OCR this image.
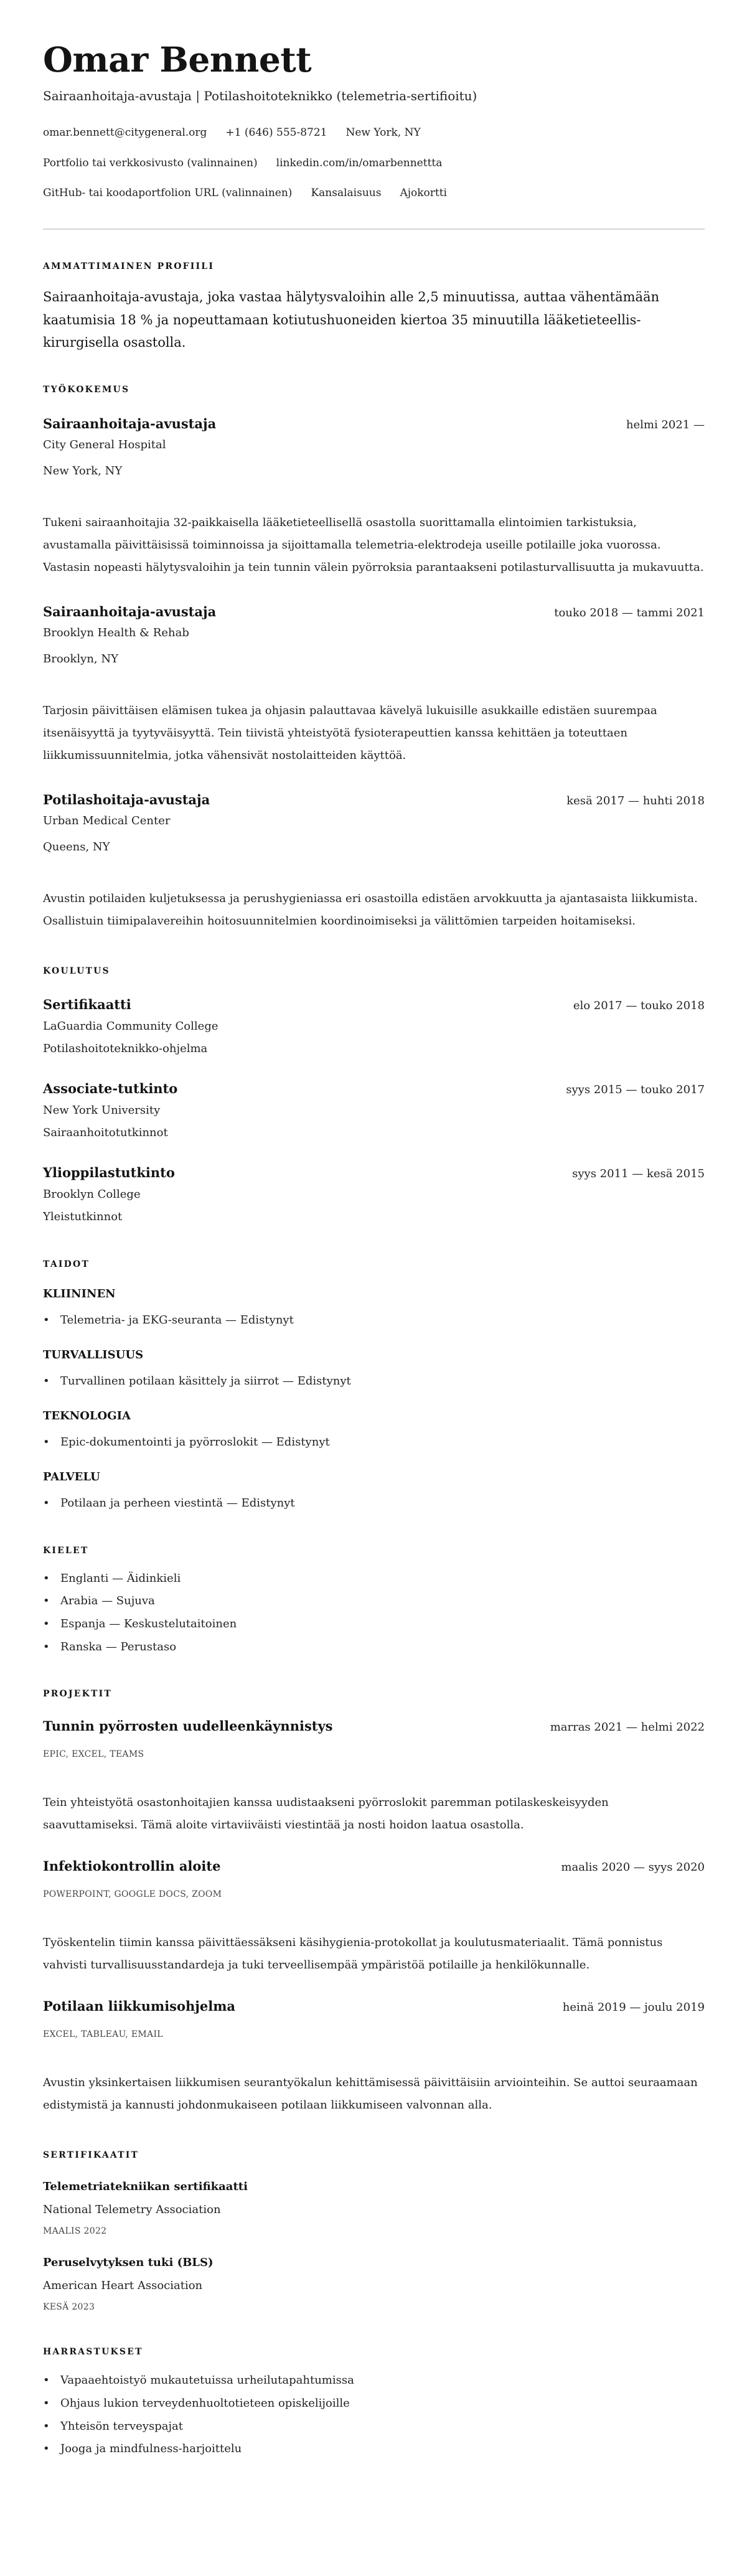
Omar Bennett
Sairaanhoitaja-avustaja | Potilashoitoteknikko (telemetria-sertifioitu)
omar.bennett@citygeneral.org +1 (646) 555-8721 New York, NY
Portfolio tai verkkosivusto (valinnainen) linkedin.com/in/omarbennettta
GitHub- tai koodaportfolion URL (valinnainen) Kansalaisuus Ajokortti
AMMATTIMAINEN PROFIILI
Sairaanhoitaja-avustaja, joka vastaa hälytysvaloihin alle 2,5 minuutissa, auttaa vähentämään kaatumisia 18 % ja nopeuttamaan kotiutushuoneiden kiertoa 35 minuutilla lääketieteellis-kirurgisella osastolla.
TYÖKOKEMUS
Sairaanhoitaja-avustaja	helmi 2021 —
City General Hospital
New York, NY
Tukeni sairaanhoitajia 32-paikkaisella lääketieteellisellä osastolla suorittamalla elintoimien tarkistuksia, avustamalla päivittäisissä toiminnoissa ja sijoittamalla telemetria-elektrodeja useille potilaille joka vuorossa. Vastasin nopeasti hälytysvaloihin ja tein tunnin välein pyörroksia parantaakseni potilasturvallisuutta ja mukavuutta.
Sairaanhoitaja-avustaja	touko 2018 — tammi 2021
Brooklyn Health & Rehab
Brooklyn, NY
Tarjosin päivittäisen elämisen tukea ja ohjasin palauttavaa kävelyä lukuisille asukkaille edistäen suurempaa itsenäisyyttä ja tyytyväisyyttä. Tein tiivistä yhteistyötä fysioterapeuttien kanssa kehittäen ja toteuttaen liikkumissuunnitelmia, jotka vähensivät nostolaitteiden käyttöä.
Potilashoitaja-avustaja	kesä 2017 — huhti 2018
Urban Medical Center
Queens, NY
Avustin potilaiden kuljetuksessa ja perushygieniassa eri osastoilla edistäen arvokkuutta ja ajantasaista liikkumista. Osallistuin tiimipalavereihin hoitosuunnitelmien koordinoimiseksi ja välittömien tarpeiden hoitamiseksi.
KOULUTUS
Sertifikaatti	elo 2017 — touko 2018
LaGuardia Community College
Potilashoitoteknikko-ohjelma
Associate-tutkinto	syys 2015 — touko 2017
New York University
Sairaanhoitotutkinnot
Ylioppilastutkinto	syys 2011 — kesä 2015
Brooklyn College
Yleistutkinnot
TAIDOT
KLIININEN
• Telemetria- ja EKG-seuranta — Edistynyt
TURVALLISUUS
• Turvallinen potilaan käsittely ja siirrot — Edistynyt
TEKNOLOGIA
• Epic-dokumentointi ja pyörroslokit — Edistynyt
PALVELU
• Potilaan ja perheen viestintä — Edistynyt
KIELET
• Englanti — Äidinkieli
• Arabia — Sujuva
• Espanja — Keskustelutaitoinen
• Ranska — Perustaso
PROJEKTIT
Tunnin pyörrosten uudelleenkäynnistys	marras 2021 — helmi 2022
EPIC, EXCEL, TEAMS
Tein yhteistyötä osastonhoitajien kanssa uudistaakseni pyörroslokit paremman potilaskeskeisyyden saavuttamiseksi. Tämä aloite virtaviiväisti viestintää ja nosti hoidon laatua osastolla.
Infektiokontrollin aloite	maalis 2020 — syys 2020
POWERPOINT, GOOGLE DOCS, ZOOM
Työskentelin tiimin kanssa päivittäessäkseni käsihygienia-protokollat ja koulutusmateriaalit. Tämä ponnistus vahvisti turvallisuusstandardeja ja tuki terveellisempää ympäristöä potilaille ja henkilökunnalle.
Potilaan liikkumisohjelma	heinä 2019 — joulu 2019
EXCEL, TABLEAU, EMAIL
Avustin yksinkertaisen liikkumisen seurantyökalun kehittämisessä päivittäisiin arviointeihin. Se auttoi seuraamaan edistymistä ja kannusti johdonmukaiseen potilaan liikkumiseen valvonnan alla.
SERTIFIKAATIT
Telemetriatekniikan sertifikaatti
National Telemetry Association
MAALIS 2022
Peruselvytyksen tuki (BLS)
American Heart Association
KESÄ 2023
HARRASTUKSET
• Vapaaehtoistyö mukautetuissa urheilutapahtumissa
• Ohjaus lukion terveydenhuoltotieteen opiskelijoille
• Yhteisön terveyspajat
• Jooga ja mindfulness-harjoittelu
